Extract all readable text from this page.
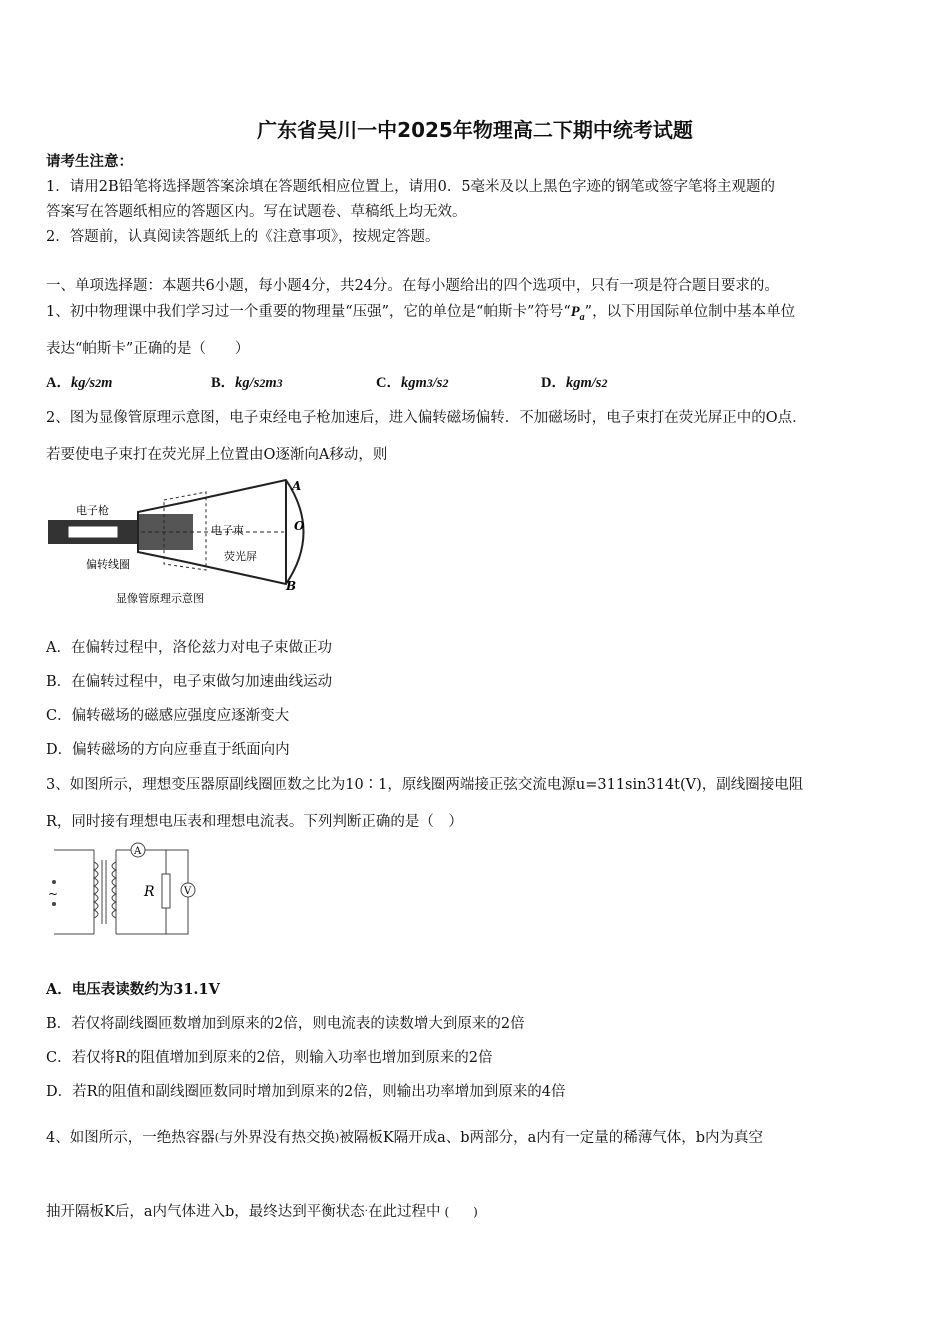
广东省吴川一中2025年物理高二下期中统考试题
请考生注意：
1．请用2B铅笔将选择题答案涂填在答题纸相应位置上，请用0．5毫米及以上黑色字迹的钢笔或签字笔将主观题的
答案写在答题纸相应的答题区内。写在试题卷、草稿纸上均无效。
2．答题前，认真阅读答题纸上的《注意事项》，按规定答题。
一、单项选择题：本题共6小题，每小题4分，共24分。在每小题给出的四个选项中，只有一项是符合题目要求的。
1、初中物理课中我们学习过一个重要的物理量“压强”，它的单位是“帕斯卡”符号“$P_a$”，以下用国际单位制中基本单位
表达“帕斯卡”正确的是（　　）
A．$kg/s^2m$	B．$kg/s^2m^3$	C．$kgm^3/s^2$	D．kgm/$s^2$
2、图为显像管原理示意图，电子束经电子枪加速后，进入偏转磁场偏转．不加磁场时，电子束打在荧光屏正中的O点．
若要使电子束打在荧光屏上位置由O逐渐向A移动，则
电子枪
电子束
荧光屏
偏转线圈
显像管原理示意图
A
O
B
A．在偏转过程中，洛伦兹力对电子束做正功
B．在偏转过程中，电子束做匀加速曲线运动
C．偏转磁场的磁感应强度应逐渐变大
D．偏转磁场的方向应垂直于纸面向内
3、如图所示，理想变压器原副线圈匝数之比为10∶1，原线圈两端接正弦交流电源u=311sin314t(V)，副线圈接电阻
R，同时接有理想电压表和理想电流表。下列判断正确的是（　）
A
R	V
~
A．电压表读数约为31.1V
B．若仅将副线圈匝数增加到原来的2倍，则电流表的读数增大到原来的2倍
C．若仅将R的阻值增加到原来的2倍，则输入功率也增加到原来的2倍
D．若R的阻值和副线圈匝数同时增加到原来的2倍，则输出功率增加到原来的4倍
4、如图所示，一绝热容器(与外界没有热交换)被隔板K隔开成a、b两部分，a内有一定量的稀薄气体，b内为真空
抽开隔板K后，a内气体进入b，最终达到平衡状态·在此过程中 (　　)
